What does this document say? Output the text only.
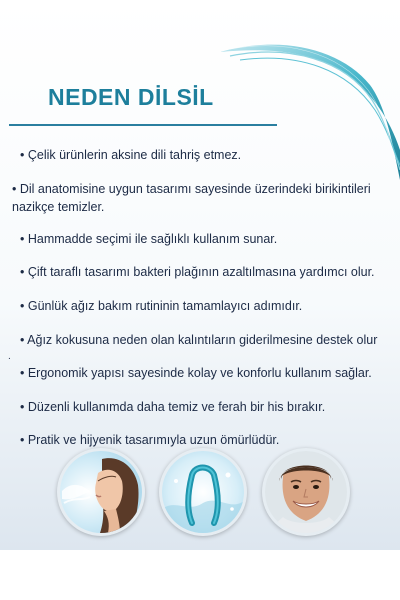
NEDEN DİLSİL
• Çelik ürünlerin aksine dili tahriş etmez.
• Dil anatomisine uygun tasarımı sayesinde üzerindeki birikintileri nazikçe temizler.
• Hammadde seçimi ile sağlıklı kullanım sunar.
• Çift taraflı tasarımı bakteri plağının azaltılmasına yardımcı olur.
• Günlük ağız bakım rutininin tamamlayıcı adımıdır.
• Ağız kokusuna neden olan kalıntıların giderilmesine destek olur
• Ergonomik yapısı sayesinde kolay ve konforlu kullanım sağlar.
• Düzenli kullanımda daha temiz ve ferah bir his bırakır.
• Pratik ve hijyenik tasarımıyla uzun ömürlüdür.
.
